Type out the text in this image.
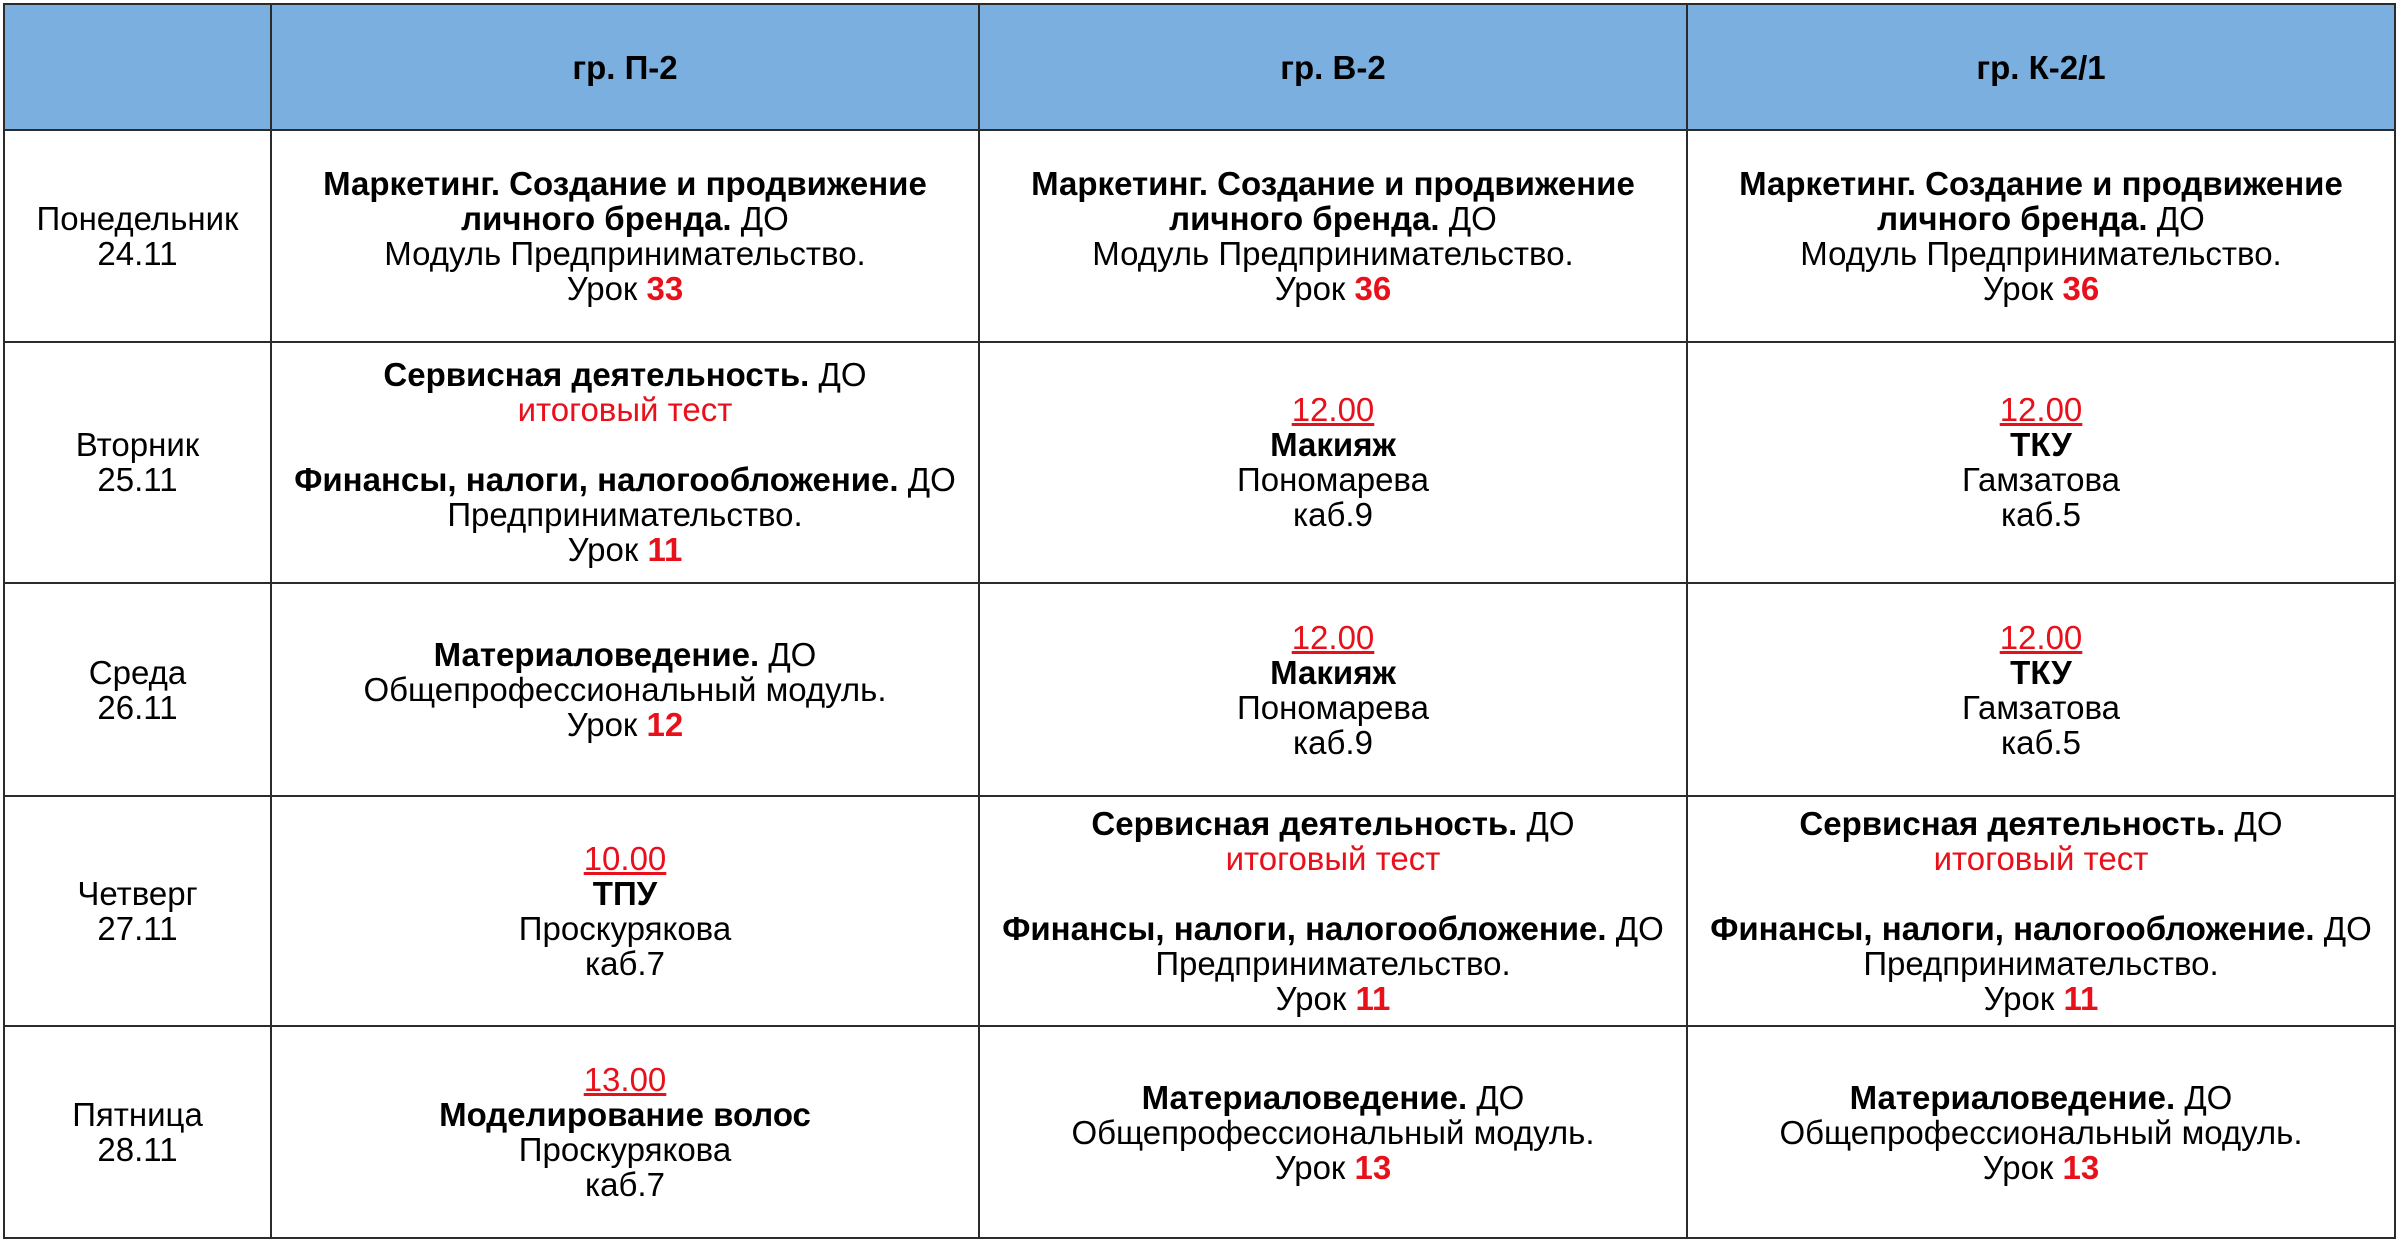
	гр. П-2	гр. В-2	гр. К-2/1

Понедельник
24.11	Маркетинг. Создание и продвижение
личного бренда. ДО
Модуль Предпринимательство.
Урок 33	Маркетинг. Создание и продвижение
личного бренда. ДО
Модуль Предпринимательство.
Урок 36	Маркетинг. Создание и продвижение
личного бренда. ДО
Модуль Предпринимательство.
Урок 36

Вторник
25.11	Сервисная деятельность. ДО
итоговый тест
Финансы, налоги, налогообложение. ДО
Предпринимательство.
Урок 11	12.00
Макияж
Пономарева
каб.9	12.00
ТКУ
Гамзатова
каб.5

Среда
26.11	Материаловедение. ДО
Общепрофессиональный модуль.
Урок 12	12.00
Макияж
Пономарева
каб.9	12.00
ТКУ
Гамзатова
каб.5

Четверг
27.11	10.00
ТПУ
Проскурякова
каб.7	Сервисная деятельность. ДО
итоговый тест
Финансы, налоги, налогообложение. ДО
Предпринимательство.
Урок 11	Сервисная деятельность. ДО
итоговый тест
Финансы, налоги, налогообложение. ДО
Предпринимательство.
Урок 11

Пятница
28.11	13.00
Моделирование волос
Проскурякова
каб.7	Материаловедение. ДО
Общепрофессиональный модуль.
Урок 13	Материаловедение. ДО
Общепрофессиональный модуль.
Урок 13
